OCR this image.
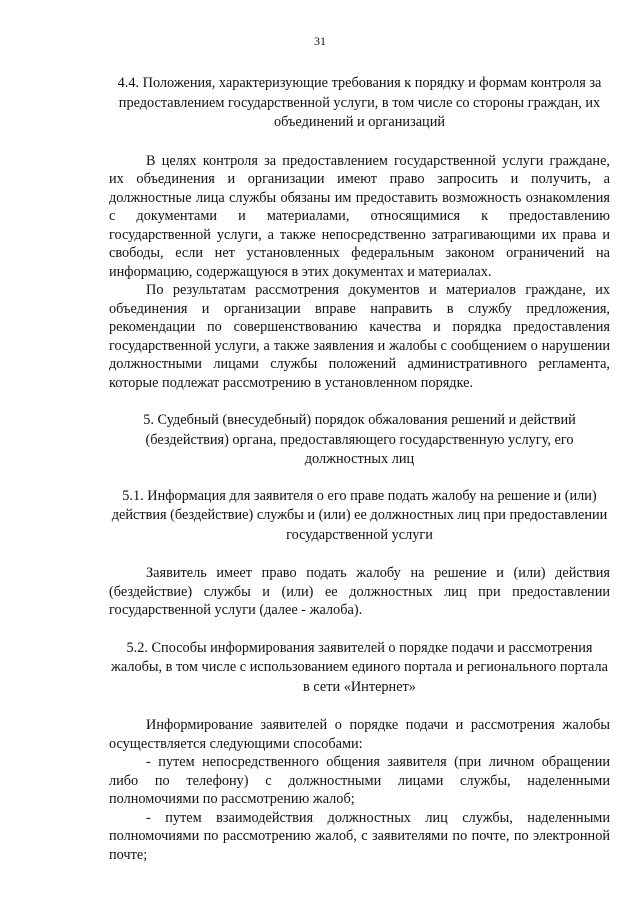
31

4.4. Положения, характеризующие требования к порядку и формам контроля за предоставлением государственной услуги, в том числе со стороны граждан, их объединений и организаций

В целях контроля за предоставлением государственной услуги граждане, их объединения и организации имеют право запросить и получить, а должностные лица службы обязаны им предоставить возможность ознакомления с документами и материалами, относящимися к предоставлению государственной услуги, а также непосредственно затрагивающими их права и свободы, если нет установленных федеральным законом ограничений на информацию, содержащуюся в этих документах и материалах.

По результатам рассмотрения документов и материалов граждане, их объединения и организации вправе направить в службу предложения, рекомендации по совершенствованию качества и порядка предоставления государственной услуги, а также заявления и жалобы с сообщением о нарушении должностными лицами службы положений административного регламента, которые подлежат рассмотрению в установленном порядке.

5. Судебный (внесудебный) порядок обжалования решений и действий (бездействия) органа, предоставляющего государственную услугу, его должностных лиц

5.1. Информация для заявителя о его праве подать жалобу на решение и (или) действия (бездействие) службы и (или) ее должностных лиц при предоставлении государственной услуги

Заявитель имеет право подать жалобу на решение и (или) действия (бездействие) службы и (или) ее должностных лиц при предоставлении государственной услуги (далее - жалоба).

5.2. Способы информирования заявителей о порядке подачи и рассмотрения жалобы, в том числе с использованием единого портала и регионального портала в сети «Интернет»

Информирование заявителей о порядке подачи и рассмотрения жалобы осуществляется следующими способами:

- путем непосредственного общения заявителя (при личном обращении либо по телефону) с должностными лицами службы, наделенными полномочиями по рассмотрению жалоб;

- путем взаимодействия должностных лиц службы, наделенными полномочиями по рассмотрению жалоб, с заявителями по почте, по электронной почте;
